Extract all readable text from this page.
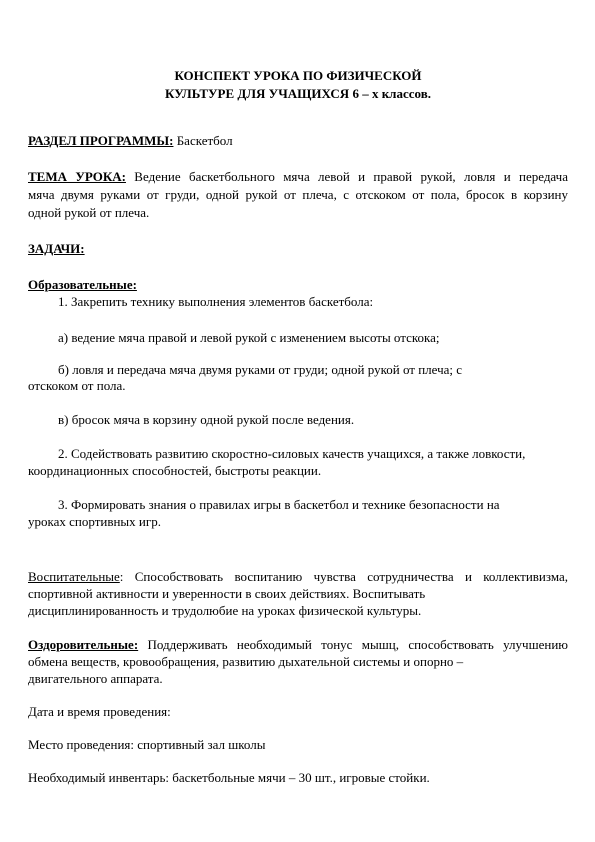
КОНСПЕКТ УРОКА ПО ФИЗИЧЕСКОЙ
КУЛЬТУРЕ ДЛЯ УЧАЩИХСЯ 6 – х классов.
РАЗДЕЛ ПРОГРАММЫ: Баскетбол
ТЕМА УРОКА: Ведение баскетбольного мяча левой и правой рукой, ловля и передача
мяча двумя руками от груди, одной рукой от плеча, с отскоком от пола, бросок в корзину
одной рукой от плеча.
ЗАДАЧИ:
Образовательные:
1. Закрепить технику выполнения элементов баскетбола:
а) ведение мяча правой и левой рукой с изменением высоты отскока;
б) ловля и передача мяча двумя руками от груди; одной рукой от плеча; с
отскоком от пола.
в) бросок мяча в корзину одной рукой после ведения.
2. Содействовать развитию скоростно-силовых качеств учащихся, а также ловкости,
координационных способностей, быстроты реакции.
3. Формировать знания о правилах игры в баскетбол и технике безопасности на
уроках спортивных игр.
Воспитательные: Способствовать воспитанию чувства сотрудничества и коллективизма,
спортивной активности и уверенности в своих действиях. Воспитывать
дисциплинированность и трудолюбие на уроках физической культуры.
Оздоровительные: Поддерживать необходимый тонус мышц, способствовать улучшению
обмена веществ, кровообращения, развитию дыхательной системы и опорно –
двигательного аппарата.
Дата и время проведения:
Место проведения: спортивный зал школы
Необходимый инвентарь: баскетбольные мячи – 30 шт., игровые стойки.
